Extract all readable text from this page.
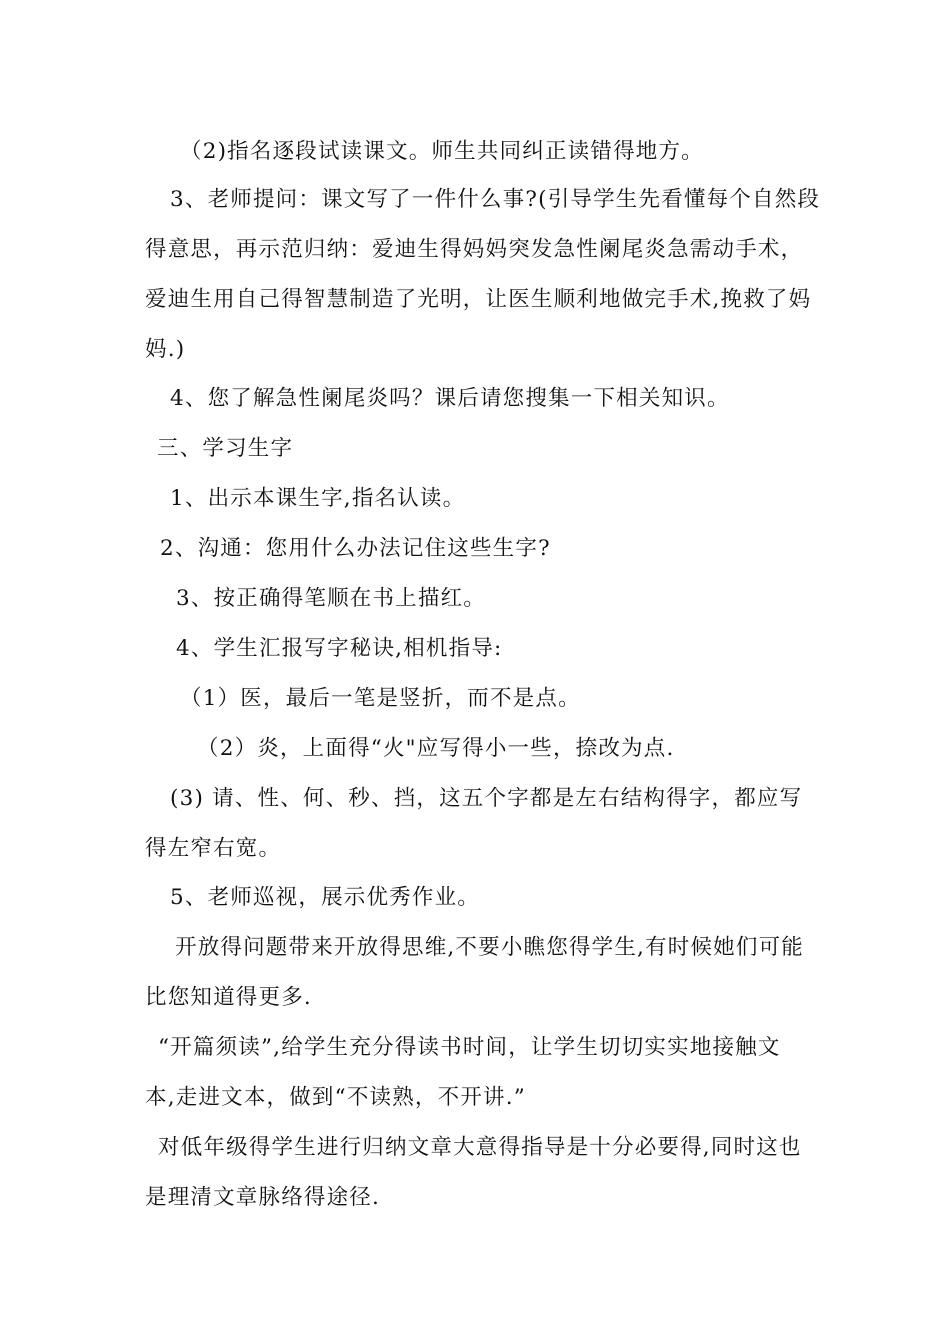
（2)指名逐段试读课文。师生共同纠正读错得地方。
3、老师提问：课文写了一件什么事?(引导学生先看懂每个自然段
得意思，再示范归纳：爱迪生得妈妈突发急性阑尾炎急需动手术，
爱迪生用自己得智慧制造了光明，让医生顺利地做完手术,挽救了妈
妈.)
4、您了解急性阑尾炎吗？课后请您搜集一下相关知识。
三、学习生字
1、出示本课生字,指名认读。
2、沟通：您用什么办法记住这些生字?
3、按正确得笔顺在书上描红。
4、学生汇报写字秘诀,相机指导:
（1）医，最后一笔是竖折，而不是点。
（2）炎，上面得“火"应写得小一些，捺改为点.
(3) 请、性、何、秒、挡，这五个字都是左右结构得字，都应写
得左窄右宽。
5、老师巡视，展示优秀作业。
开放得问题带来开放得思维,不要小瞧您得学生,有时候她们可能
比您知道得更多.
“开篇须读”,给学生充分得读书时间，让学生切切实实地接触文
本,走进文本，做到“不读熟，不开讲.”
对低年级得学生进行归纳文章大意得指导是十分必要得,同时这也
是理清文章脉络得途径.
